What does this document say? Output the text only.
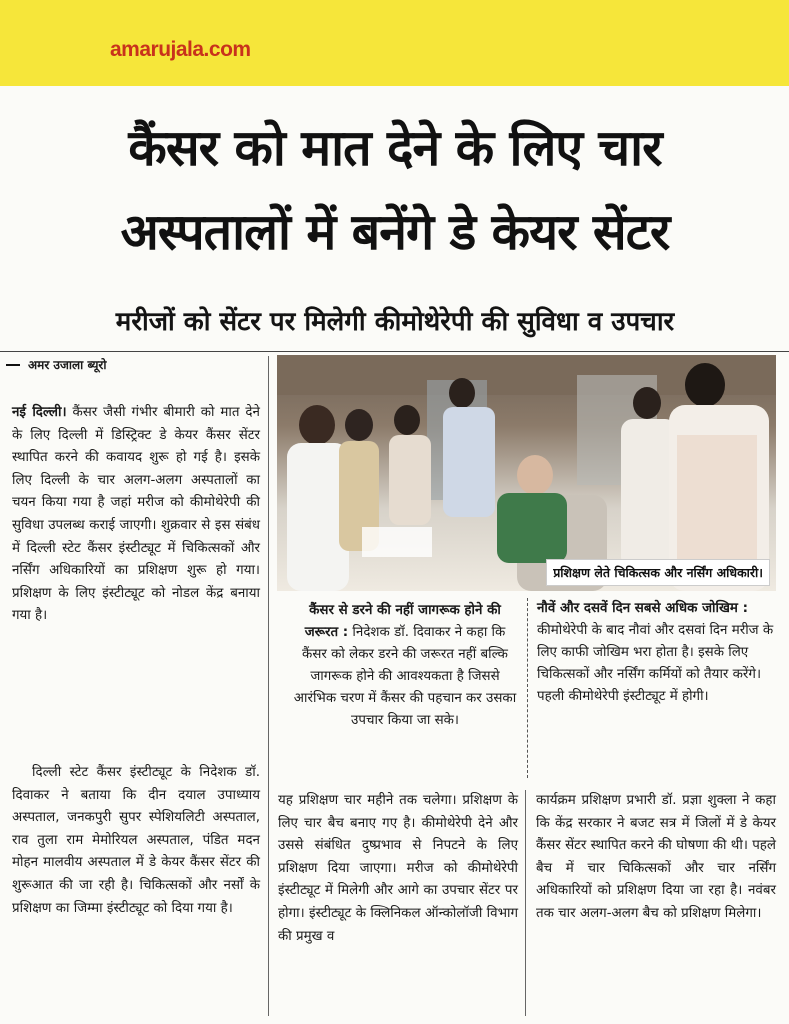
amarujala.com
कैंसर को मात देने के लिए चार
अस्पतालों में बनेंगे डे केयर सेंटर
मरीजों को सेंटर पर मिलेगी कीमोथेरेपी की सुविधा व उपचार
अमर उजाला ब्यूरो
नई दिल्ली। कैंसर जैसी गंभीर बीमारी को मात देने के लिए दिल्ली में डिस्ट्रिक्ट डे केयर कैंसर सेंटर स्थापित करने की कवायद शुरू हो गई है। इसके लिए दिल्ली के चार अलग-अलग अस्पतालों का चयन किया गया है जहां मरीज को कीमोथेरेपी की सुविधा उपलब्ध कराई जाएगी। शुक्रवार से इस संबंध में दिल्ली स्टेट कैंसर इंस्टीट्यूट में चिकित्सकों और नर्सिंग अधिकारियों का प्रशिक्षण शुरू हो गया। प्रशिक्षण के लिए इंस्टीट्यूट को नोडल केंद्र बनाया गया है।
दिल्ली स्टेट कैंसर इंस्टीट्यूट के निदेशक डॉ. दिवाकर ने बताया कि दीन दयाल उपाध्याय अस्पताल, जनकपुरी सुपर स्पेशियलिटी अस्पताल, राव तुला राम मेमोरियल अस्पताल, पंडित मदन मोहन मालवीय अस्पताल में डे केयर कैंसर सेंटर की शुरूआत की जा रही है। चिकित्सकों और नर्सों के प्रशिक्षण का जिम्मा इंस्टीट्यूट को दिया गया है।
प्रशिक्षण लेते चिकित्सक और नर्सिंग अधिकारी।
कैंसर से डरने की नहीं जागरूक होने की जरूरत : निदेशक डॉ. दिवाकर ने कहा कि कैंसर को लेकर डरने की जरूरत नहीं बल्कि जागरूक होने की आवश्यकता है जिससे आरंभिक चरण में कैंसर की पहचान कर उसका उपचार किया जा सके।
नौवें और दसवें दिन सबसे अधिक जोखिम : कीमोथेरेपी के बाद नौवां और दसवां दिन मरीज के लिए काफी जोखिम भरा होता है। इसके लिए चिकित्सकों और नर्सिंग कर्मियों को तैयार करेंगे। पहली कीमोथेरेपी इंस्टीट्यूट में होगी।
यह प्रशिक्षण चार महीने तक चलेगा। प्रशिक्षण के लिए चार बैच बनाए गए है। कीमोथेरेपी देने और उससे संबंधित दुष्प्रभाव से निपटने के लिए प्रशिक्षण दिया जाएगा। मरीज को कीमोथेरेपी इंस्टीट्यूट में मिलेगी और आगे का उपचार सेंटर पर होगा। इंस्टीट्यूट के क्लिनिकल ऑन्कोलॉजी विभाग की प्रमुख व
कार्यक्रम प्रशिक्षण प्रभारी डॉ. प्रज्ञा शुक्ला ने कहा कि केंद्र सरकार ने बजट सत्र में जिलों में डे केयर कैंसर सेंटर स्थापित करने की घोषणा की थी। पहले बैच में चार चिकित्सकों और चार नर्सिंग अधिकारियों को प्रशिक्षण दिया जा रहा है। नवंबर तक चार अलग-अलग बैच को प्रशिक्षण मिलेगा।
